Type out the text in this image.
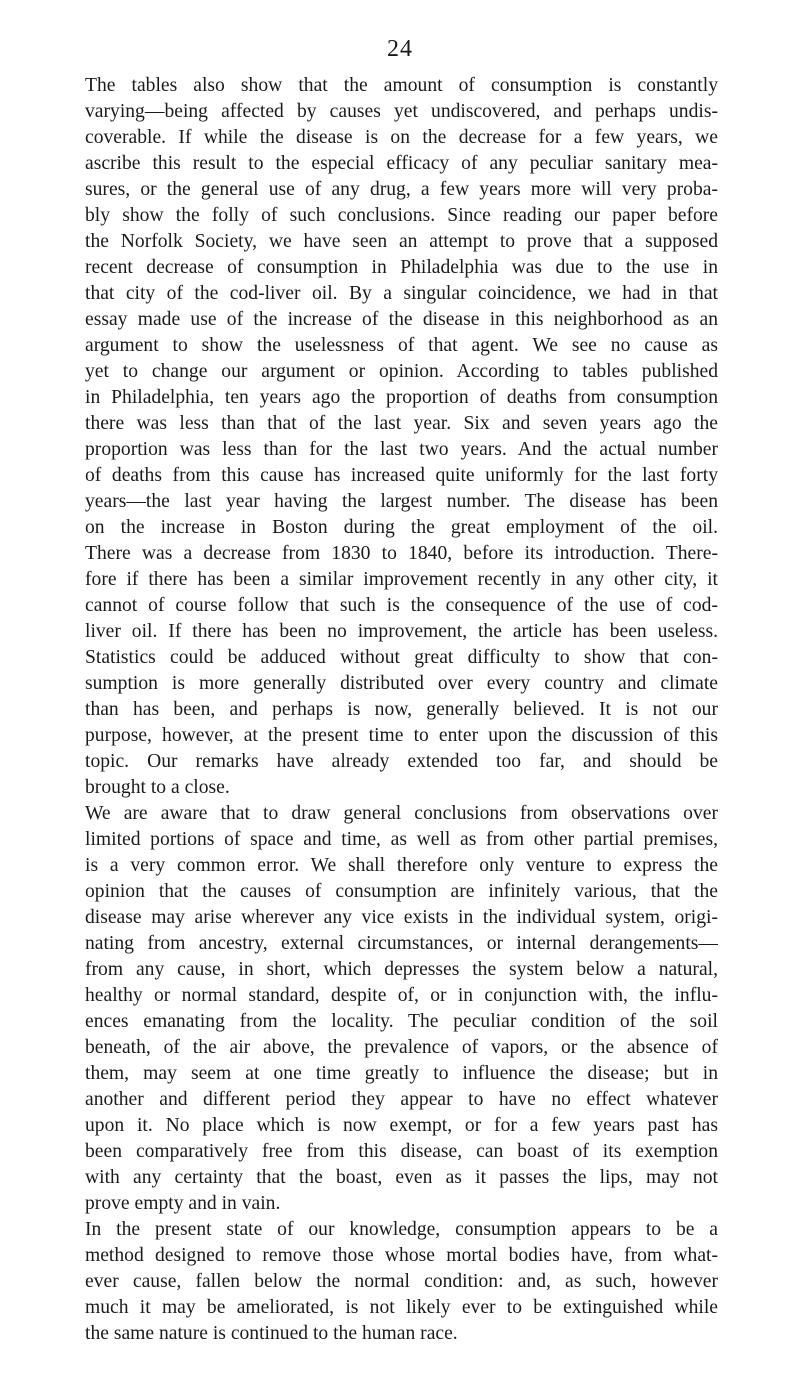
24
The tables also show that the amount of consumption is constantly
varying—being affected by causes yet undiscovered, and perhaps undis-
coverable. If while the disease is on the decrease for a few years, we
ascribe this result to the especial efficacy of any peculiar sanitary mea-
sures, or the general use of any drug, a few years more will very proba-
bly show the folly of such conclusions. Since reading our paper before
the Norfolk Society, we have seen an attempt to prove that a supposed
recent decrease of consumption in Philadelphia was due to the use in
that city of the cod-liver oil. By a singular coincidence, we had in that
essay made use of the increase of the disease in this neighborhood as an
argument to show the uselessness of that agent. We see no cause as
yet to change our argument or opinion. According to tables published
in Philadelphia, ten years ago the proportion of deaths from consumption
there was less than that of the last year. Six and seven years ago the
proportion was less than for the last two years. And the actual number
of deaths from this cause has increased quite uniformly for the last forty
years—the last year having the largest number. The disease has been
on the increase in Boston during the great employment of the oil.
There was a decrease from 1830 to 1840, before its introduction. There-
fore if there has been a similar improvement recently in any other city, it
cannot of course follow that such is the consequence of the use of cod-
liver oil. If there has been no improvement, the article has been useless.
Statistics could be adduced without great difficulty to show that con-
sumption is more generally distributed over every country and climate
than has been, and perhaps is now, generally believed. It is not our
purpose, however, at the present time to enter upon the discussion of this
topic. Our remarks have already extended too far, and should be
brought to a close.
We are aware that to draw general conclusions from observations over
limited portions of space and time, as well as from other partial premises,
is a very common error. We shall therefore only venture to express the
opinion that the causes of consumption are infinitely various, that the
disease may arise wherever any vice exists in the individual system, origi-
nating from ancestry, external circumstances, or internal derangements—
from any cause, in short, which depresses the system below a natural,
healthy or normal standard, despite of, or in conjunction with, the influ-
ences emanating from the locality. The peculiar condition of the soil
beneath, of the air above, the prevalence of vapors, or the absence of
them, may seem at one time greatly to influence the disease; but in
another and different period they appear to have no effect whatever
upon it. No place which is now exempt, or for a few years past has
been comparatively free from this disease, can boast of its exemption
with any certainty that the boast, even as it passes the lips, may not
prove empty and in vain.
In the present state of our knowledge, consumption appears to be a
method designed to remove those whose mortal bodies have, from what-
ever cause, fallen below the normal condition: and, as such, however
much it may be ameliorated, is not likely ever to be extinguished while
the same nature is continued to the human race.
